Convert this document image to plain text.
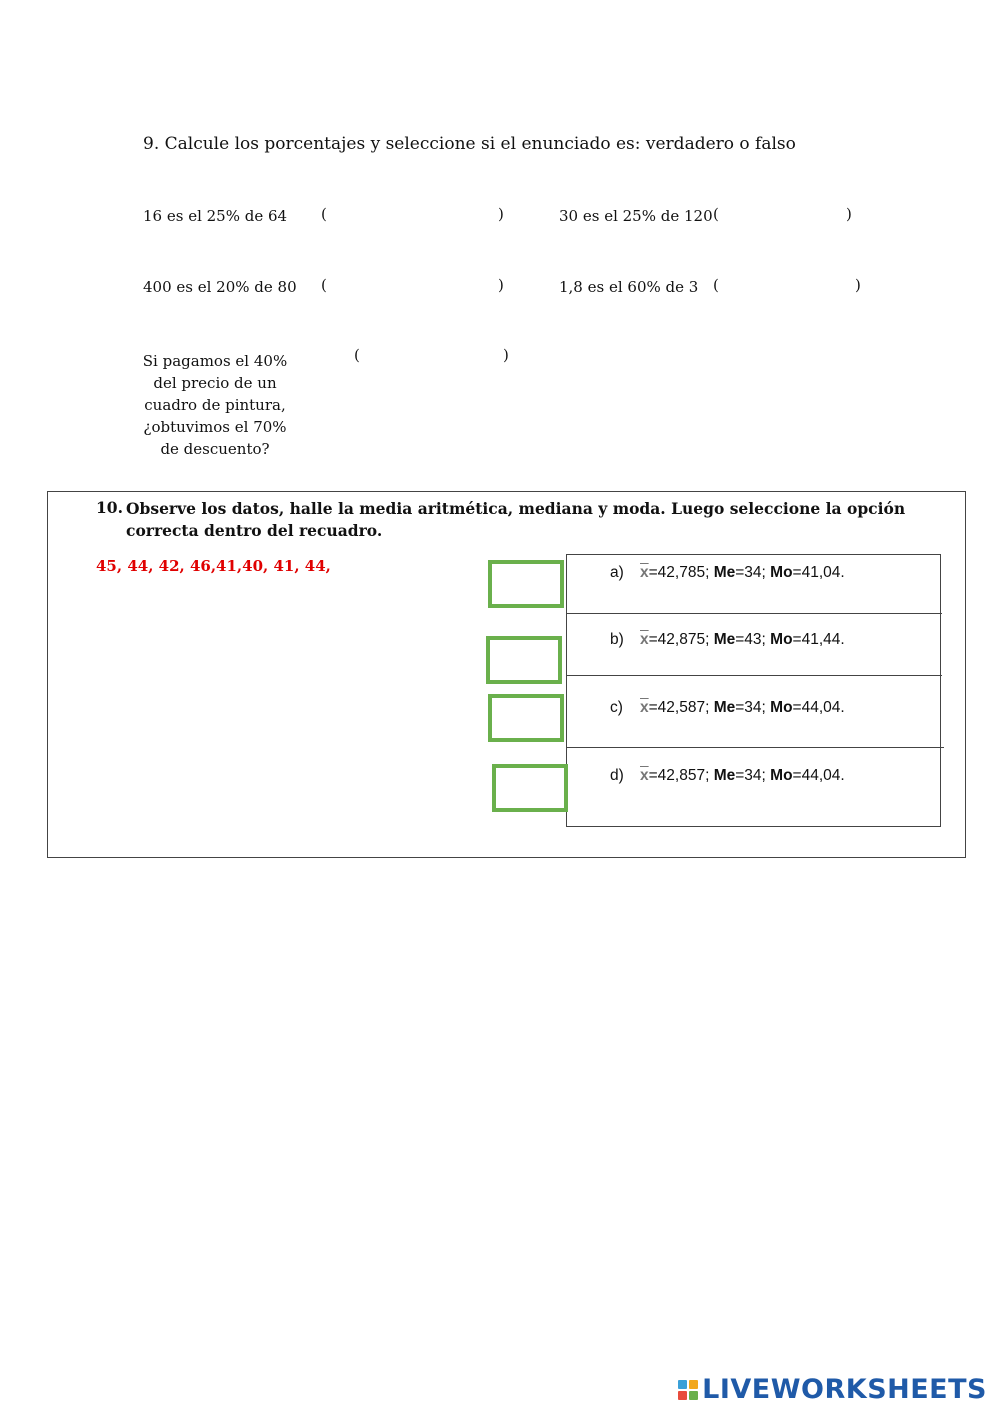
9. Calcule los porcentajes y seleccione si el enunciado es: verdadero o falso
16 es el 25% de 64 (	)	30 es el 25% de 120 (	)
400 es el 20% de 80 (	)	1,8 es el 60% de 3 (	)
Si pagamos el 40%
del precio de un
cuadro de pintura,
¿obtuvimos el 70%
de descuento?
(	)
10. Observe los datos, halle la media aritmética, mediana y moda. Luego seleccione la opción correcta dentro del recuadro.
45, 44, 42, 46,41,40, 41, 44,	a) $\overline{x}=42,785$; Me=34; Mo=41,04.
b) $\overline{x}=42,875$; Me=43; Mo=41,44.
c) $\overline{x}=42,587$; Me=34; Mo=44,04.
d) $\overline{x}=42,857$; Me=34; Mo=44,04.
LIVEWORKSHEETS
